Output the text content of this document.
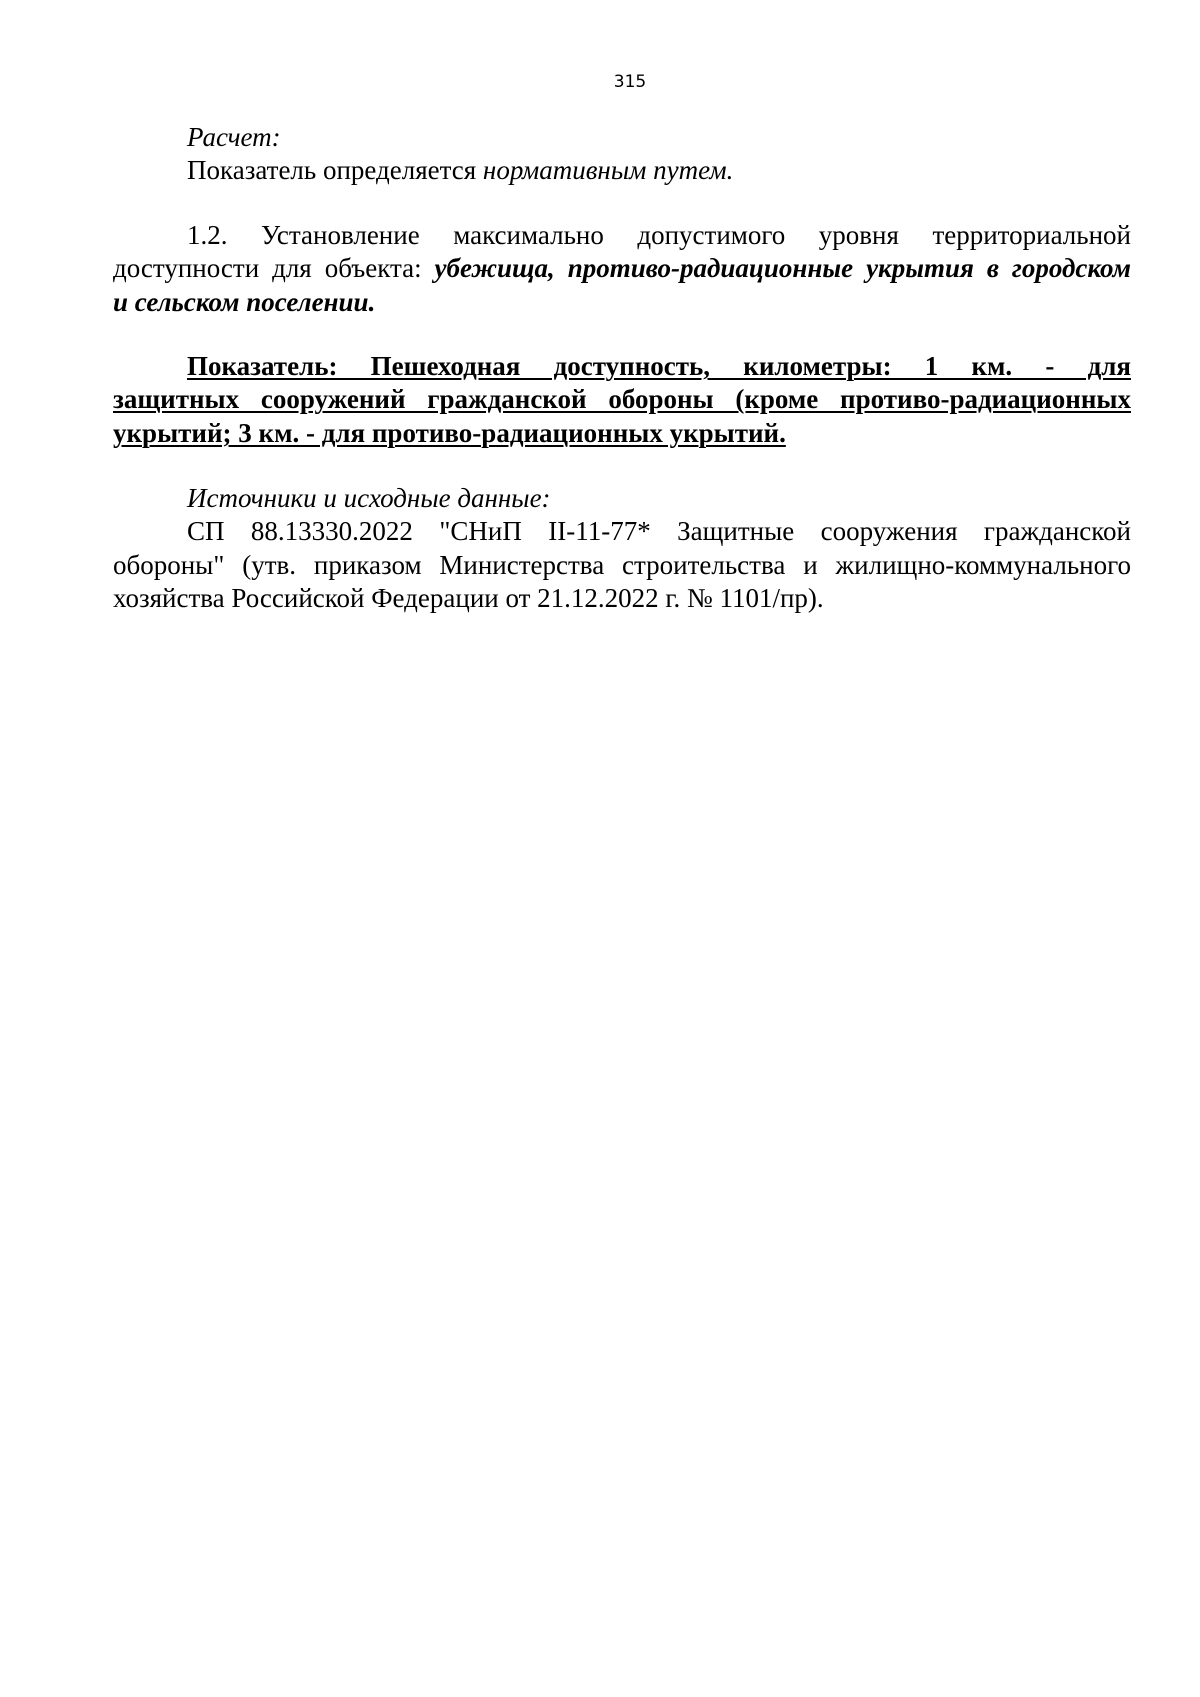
315
Расчет:
Показатель определяется нормативным путем.
1.2. Установление максимально допустимого уровня территориальной
доступности для объекта: убежища, противо-радиационные укрытия в городском
и сельском поселении.
Показатель: Пешеходная доступность, километры: 1 км. - для
защитных сооружений гражданской обороны (кроме противо-радиационных
укрытий; 3 км. - для противо-радиационных укрытий.
Источники и исходные данные:
СП 88.13330.2022 "СНиП II-11-77* Защитные сооружения гражданской
обороны" (утв. приказом Министерства строительства и жилищно-коммунального
хозяйства Российской Федерации от 21.12.2022 г. № 1101/пр).
